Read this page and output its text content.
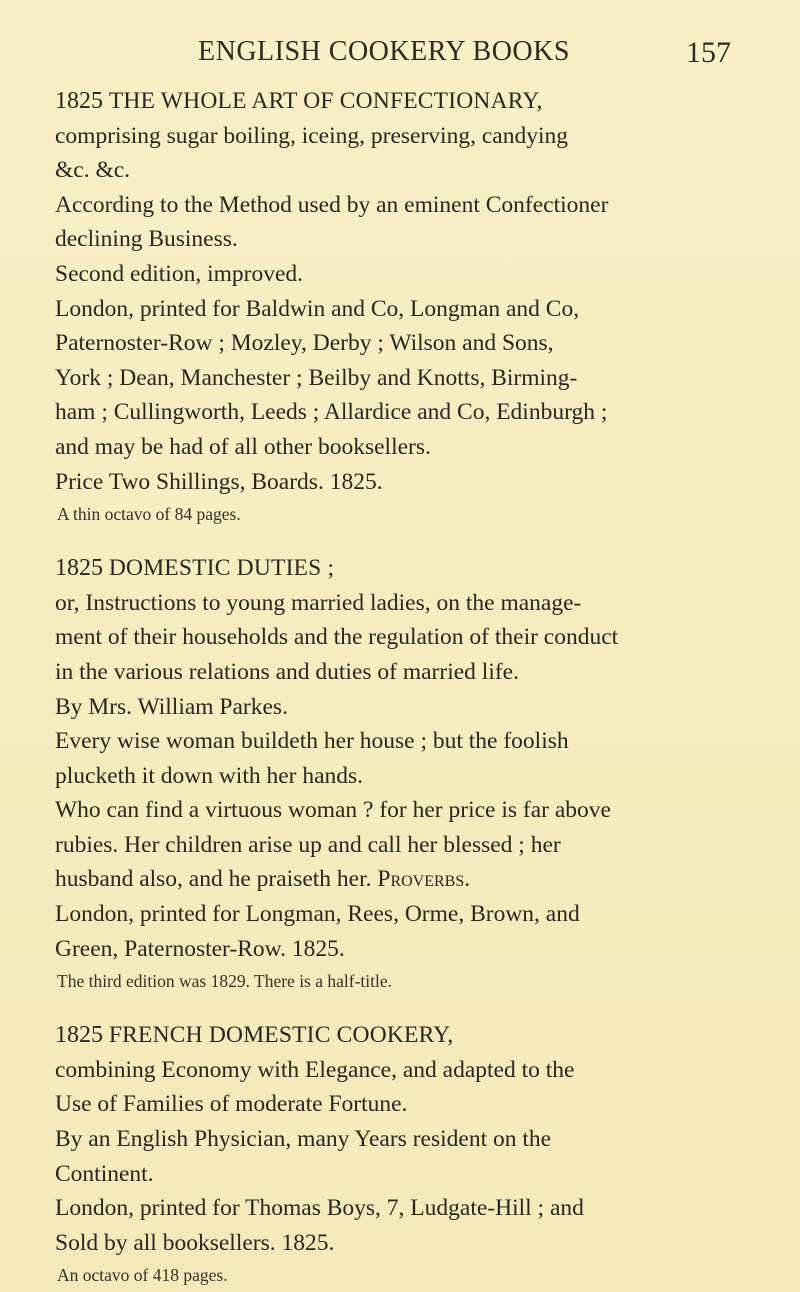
ENGLISH COOKERY BOOKS	157
1825 THE WHOLE ART OF CONFECTIONARY,
comprising sugar boiling, iceing, preserving, candying
&c. &c.
According to the Method used by an eminent Confectioner
declining Business.
Second edition, improved.
London, printed for Baldwin and Co, Longman and Co,
Paternoster-Row ; Mozley, Derby ; Wilson and Sons,
York ; Dean, Manchester ; Beilby and Knotts, Birming-
ham ; Cullingworth, Leeds ; Allardice and Co, Edinburgh ;
and may be had of all other booksellers.
Price Two Shillings, Boards. 1825.
A thin octavo of 84 pages.
1825 DOMESTIC DUTIES ;
or, Instructions to young married ladies, on the manage-
ment of their households and the regulation of their conduct
in the various relations and duties of married life.
By Mrs. William Parkes.
Every wise woman buildeth her house ; but the foolish
plucketh it down with her hands.
Who can find a virtuous woman ? for her price is far above
rubies. Her children arise up and call her blessed ; her
husband also, and he praiseth her. Proverbs.
London, printed for Longman, Rees, Orme, Brown, and
Green, Paternoster-Row. 1825.
The third edition was 1829. There is a half-title.
1825 FRENCH DOMESTIC COOKERY,
combining Economy with Elegance, and adapted to the
Use of Families of moderate Fortune.
By an English Physician, many Years resident on the
Continent.
London, printed for Thomas Boys, 7, Ludgate-Hill ; and
Sold by all booksellers. 1825.
An octavo of 418 pages.
